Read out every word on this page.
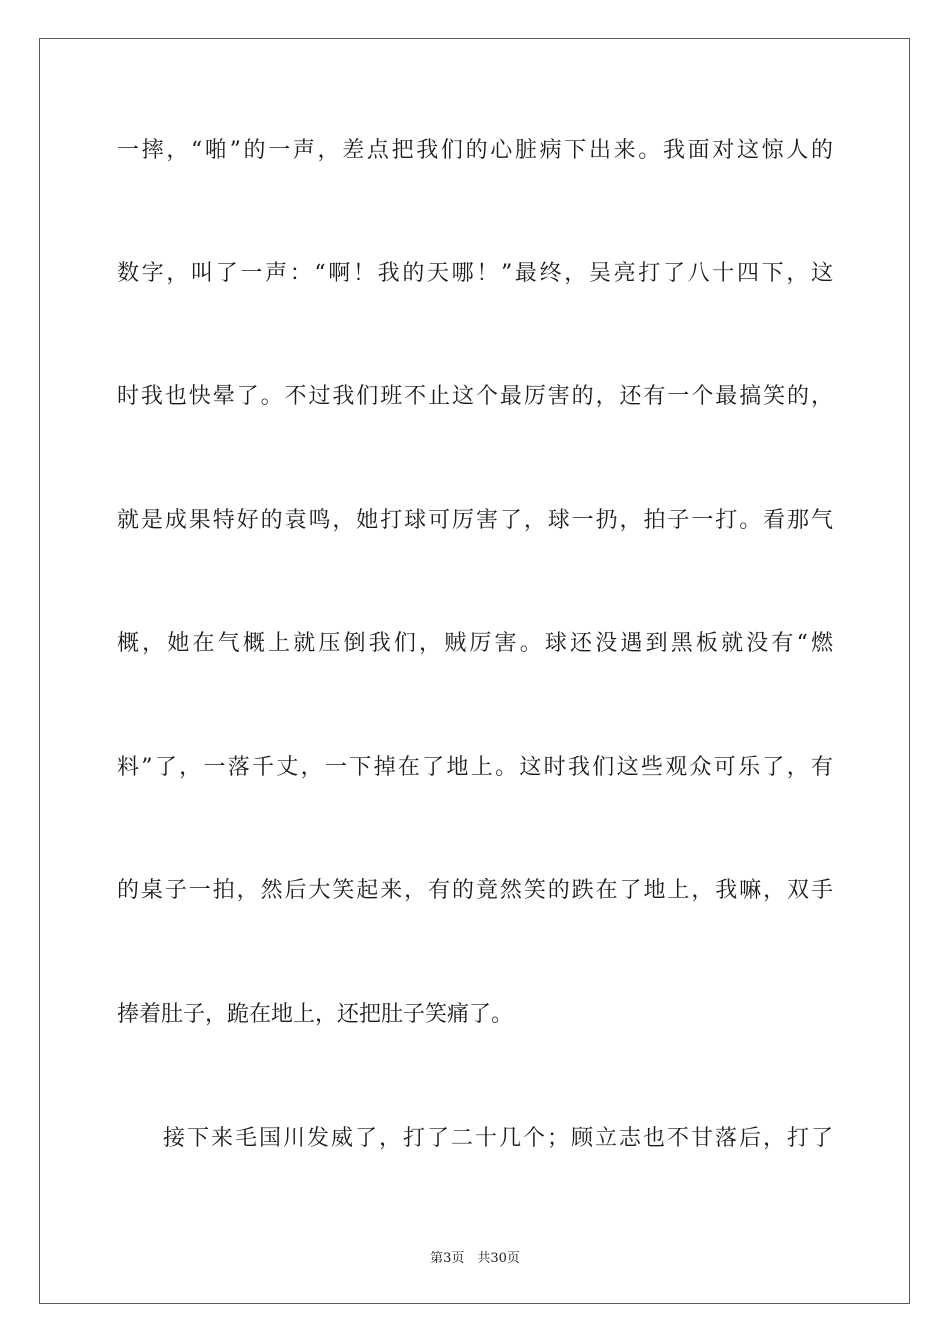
一摔，“啪”的一声，差点把我们的心脏病下出来。我面对这惊人的
数字，叫了一声：“啊！我的天哪！”最终，吴亮打了八十四下，这
时我也快晕了。不过我们班不止这个最厉害的，还有一个最搞笑的，
就是成果特好的袁鸣，她打球可厉害了，球一扔，拍子一打。看那气
概，她在气概上就压倒我们，贼厉害。球还没遇到黑板就没有“燃
料”了，一落千丈，一下掉在了地上。这时我们这些观众可乐了，有
的桌子一拍，然后大笑起来，有的竟然笑的跌在了地上，我嘛，双手
捧着肚子，跪在地上，还把肚子笑痛了。
接下来毛国川发威了，打了二十几个；顾立志也不甘落后，打了
第3页　共30页
